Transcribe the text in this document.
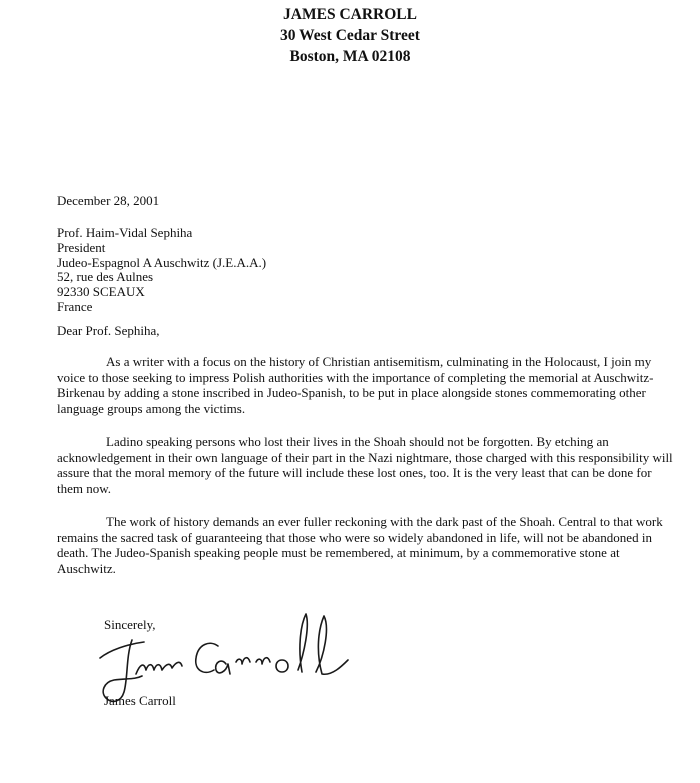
JAMES CARROLL
30 West Cedar Street
Boston, MA 02108
December 28, 2001
Prof. Haim-Vidal Sephiha
President
Judeo-Espagnol A Auschwitz (J.E.A.A.)
52, rue des Aulnes
92330 SCEAUX
France
Dear Prof. Sephiha,
As a writer with a focus on the history of Christian antisemitism, culminating in the Holocaust, I join my voice to those seeking to impress Polish authorities with the importance of completing the memorial at Auschwitz-Birkenau by adding a stone inscribed in Judeo-Spanish, to be put in place alongside stones commemorating other language groups among the victims.
Ladino speaking persons who lost their lives in the Shoah should not be forgotten. By etching an acknowledgement in their own language of their part in the Nazi nightmare, those charged with this responsibility will assure that the moral memory of the future will include these lost ones, too. It is the very least that can be done for them now.
The work of history demands an ever fuller reckoning with the dark past of the Shoah. Central to that work remains the sacred task of guaranteeing that those who were so widely abandoned in life, will not be abandoned in death. The Judeo-Spanish speaking people must be remembered, at minimum, by a commemorative stone at Auschwitz.
Sincerely,
James Carroll
